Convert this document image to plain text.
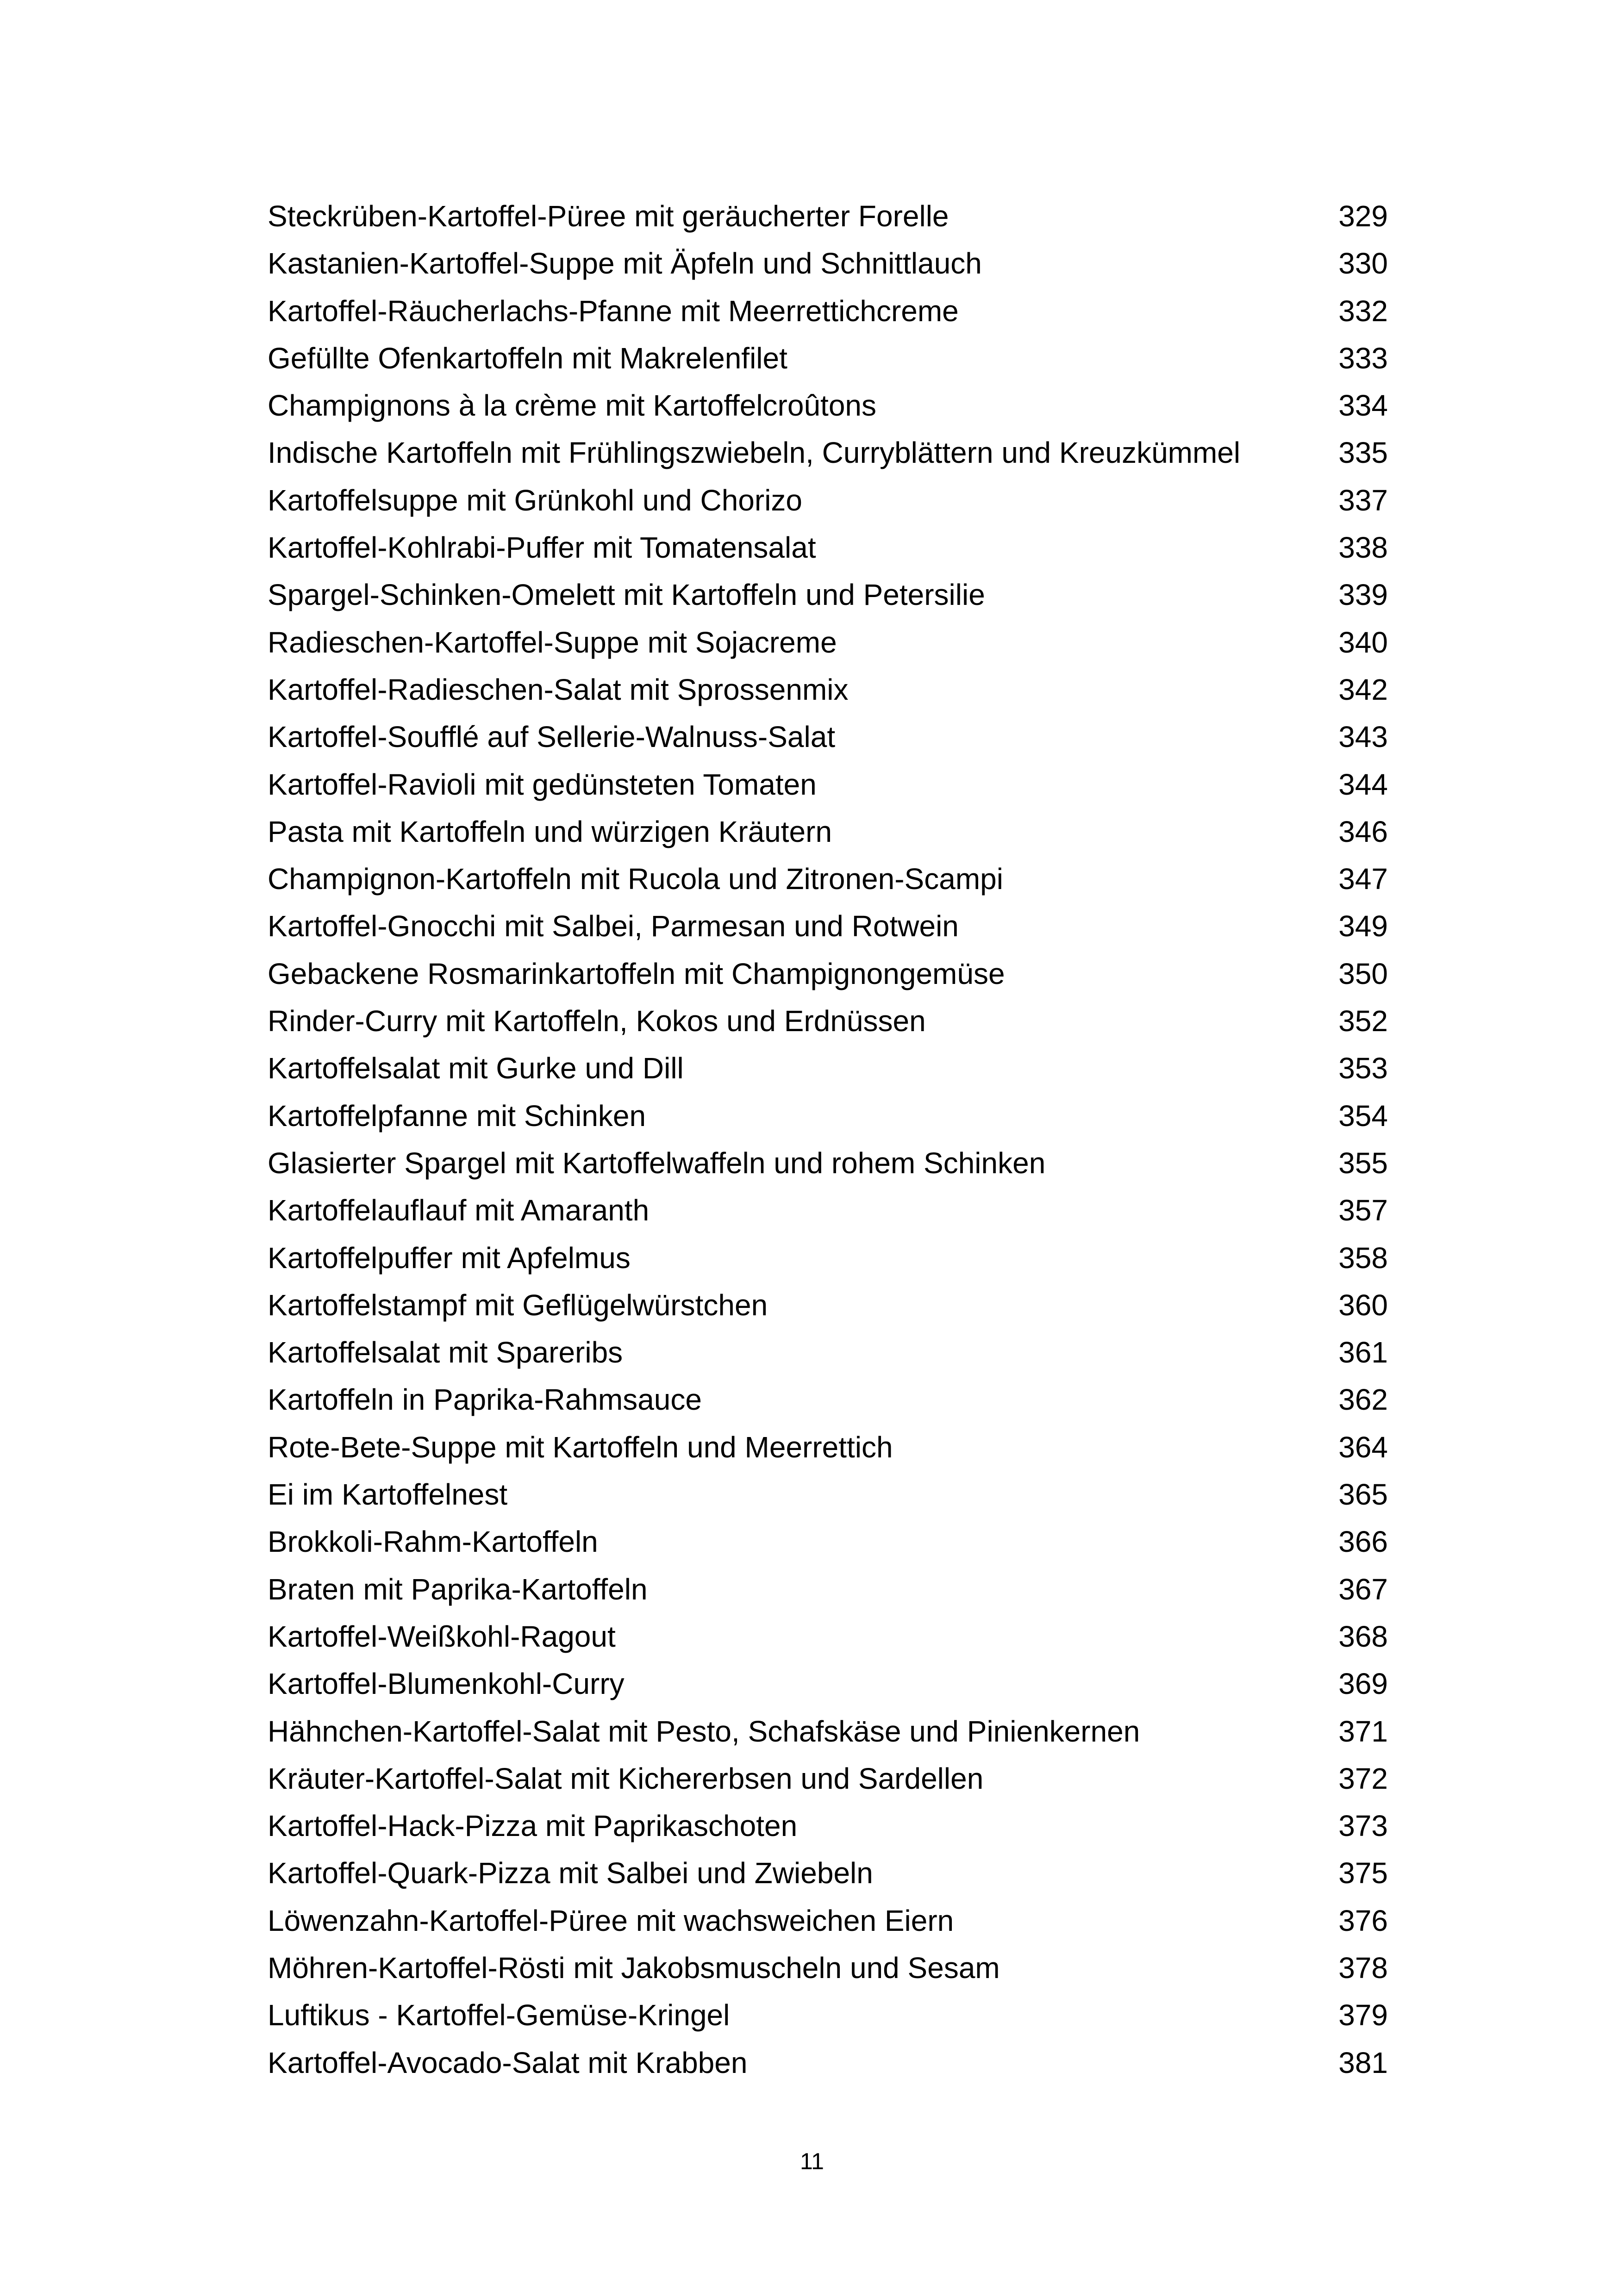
Steckrüben-Kartoffel-Püree mit geräucherter Forelle	329
Kastanien-Kartoffel-Suppe mit Äpfeln und Schnittlauch	330
Kartoffel-Räucherlachs-Pfanne mit Meerrettichcreme	332
Gefüllte Ofenkartoffeln mit Makrelenfilet	333
Champignons à la crème mit Kartoffelcroûtons	334
Indische Kartoffeln mit Frühlingszwiebeln, Curryblättern und Kreuzkümmel	335
Kartoffelsuppe mit Grünkohl und Chorizo	337
Kartoffel-Kohlrabi-Puffer mit Tomatensalat	338
Spargel-Schinken-Omelett mit Kartoffeln und Petersilie	339
Radieschen-Kartoffel-Suppe mit Sojacreme	340
Kartoffel-Radieschen-Salat mit Sprossenmix	342
Kartoffel-Soufflé auf Sellerie-Walnuss-Salat	343
Kartoffel-Ravioli mit gedünsteten Tomaten	344
Pasta mit Kartoffeln und würzigen Kräutern	346
Champignon-Kartoffeln mit Rucola und Zitronen-Scampi	347
Kartoffel-Gnocchi mit Salbei, Parmesan und Rotwein	349
Gebackene Rosmarinkartoffeln mit Champignongemüse	350
Rinder-Curry mit Kartoffeln, Kokos und Erdnüssen	352
Kartoffelsalat mit Gurke und Dill	353
Kartoffelpfanne mit Schinken	354
Glasierter Spargel mit Kartoffelwaffeln und rohem Schinken	355
Kartoffelauflauf mit Amaranth	357
Kartoffelpuffer mit Apfelmus	358
Kartoffelstampf mit Geflügelwürstchen	360
Kartoffelsalat mit Spareribs	361
Kartoffeln in Paprika-Rahmsauce	362
Rote-Bete-Suppe mit Kartoffeln und Meerrettich	364
Ei im Kartoffelnest	365
Brokkoli-Rahm-Kartoffeln	366
Braten mit Paprika-Kartoffeln	367
Kartoffel-Weißkohl-Ragout	368
Kartoffel-Blumenkohl-Curry	369
Hähnchen-Kartoffel-Salat mit Pesto, Schafskäse und Pinienkernen	371
Kräuter-Kartoffel-Salat mit Kichererbsen und Sardellen	372
Kartoffel-Hack-Pizza mit Paprikaschoten	373
Kartoffel-Quark-Pizza mit Salbei und Zwiebeln	375
Löwenzahn-Kartoffel-Püree mit wachsweichen Eiern	376
Möhren-Kartoffel-Rösti mit Jakobsmuscheln und Sesam	378
Luftikus - Kartoffel-Gemüse-Kringel	379
Kartoffel-Avocado-Salat mit Krabben	381
11
